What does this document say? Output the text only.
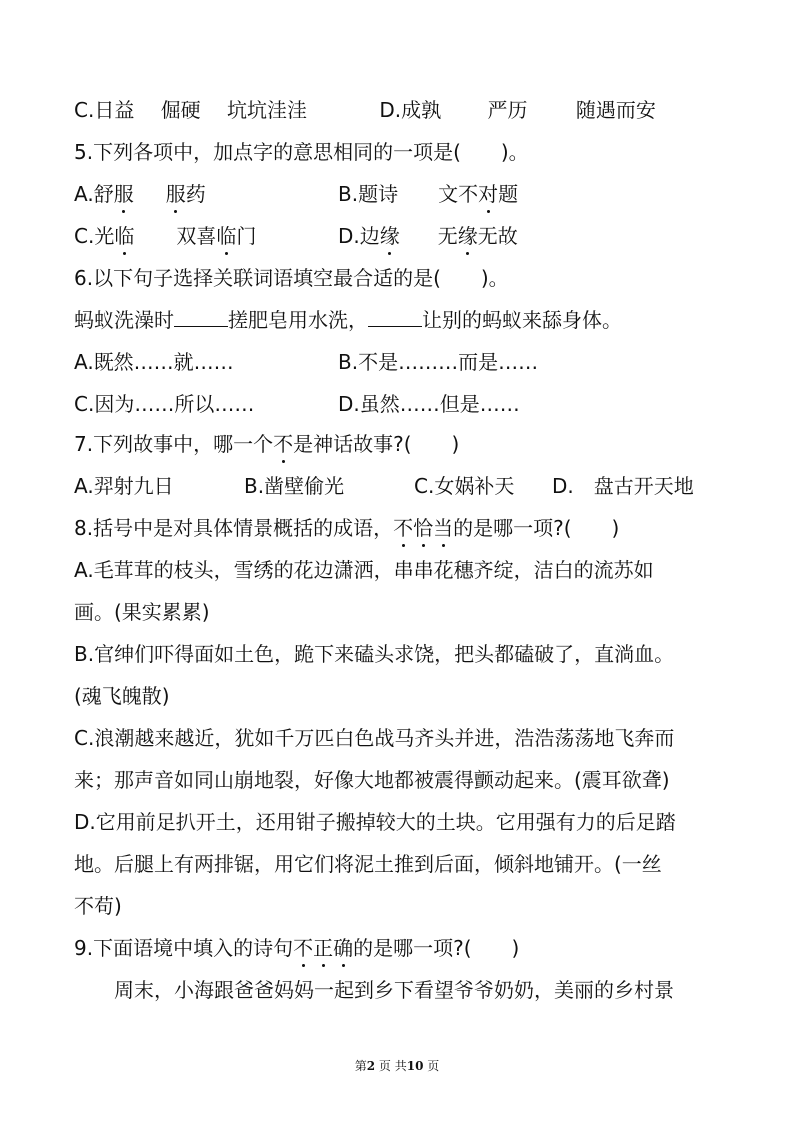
C.日益 倔硬 坑坑洼洼	D.成孰 严历 随遇而安
5.下列各项中，加点字的意思相同的一项是(　　)。
A.舒服 服药	B.题诗 文不对题
C.光临 双喜临门	D.边缘 无缘无故
6.以下句子选择关联词语填空最合适的是(　　)。
蚂蚁洗澡时	搓肥皂用水洗，	让别的蚂蚁来舔身体。
A.既然……就……	B.不是………而是……
C.因为……所以……	D.虽然……但是……
7.下列故事中，哪一个不是神话故事?(　　)
A.羿射九日	B.凿壁偷光	C.女娲补天 D.　盘古开天地
8.括号中是对具体情景概括的成语，不恰当的是哪一项?(　　)
A.毛茸茸的枝头，雪绣的花边潇洒，串串花穗齐绽，洁白的流苏如
画。(果实累累)
B.官绅们吓得面如土色，跪下来磕头求饶，把头都磕破了，直淌血。
(魂飞魄散)
C.浪潮越来越近，犹如千万匹白色战马齐头并进，浩浩荡荡地飞奔而
来；那声音如同山崩地裂，好像大地都被震得颤动起来。(震耳欲聋)
D.它用前足扒开土，还用钳子搬掉较大的土块。它用强有力的后足踏
地。后腿上有两排锯，用它们将泥土推到后面，倾斜地铺开。(一丝
不苟)
9.下面语境中填入的诗句不正确的是哪一项?(　　)
周末，小海跟爸爸妈妈一起到乡下看望爷爷奶奶，美丽的乡村景
第2 页 共10 页
